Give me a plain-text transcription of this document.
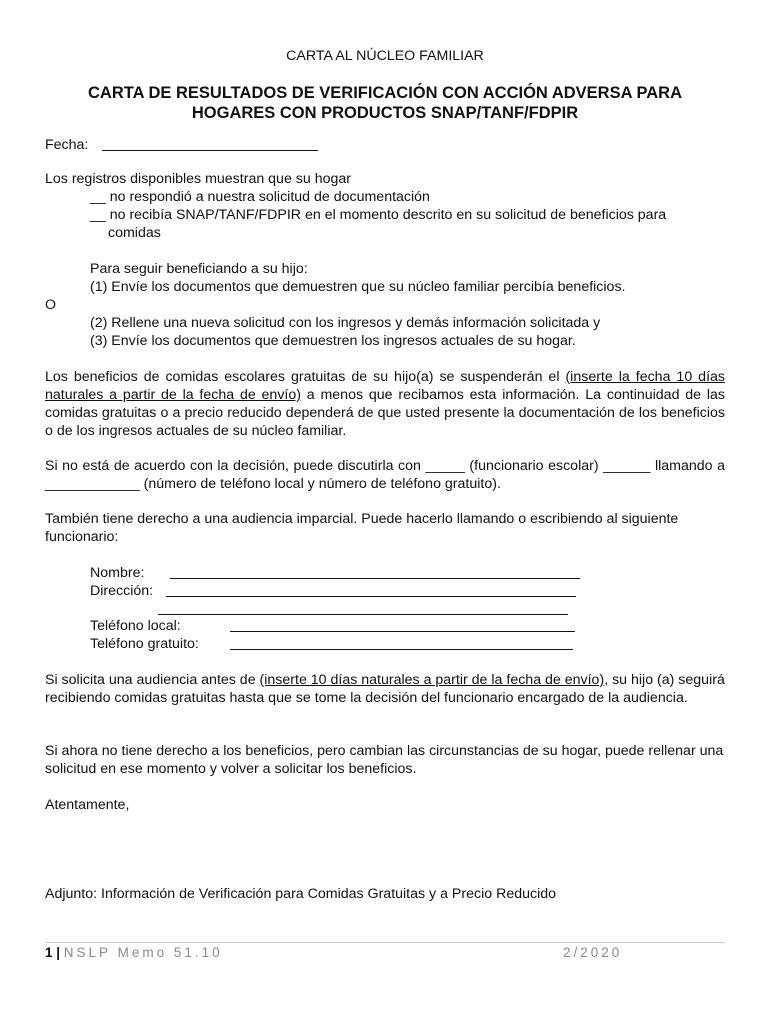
CARTA AL NÚCLEO FAMILIAR
CARTA DE RESULTADOS DE VERIFICACIÓN CON ACCIÓN ADVERSA PARA
HOGARES CON PRODUCTOS SNAP/TANF/FDPIR
Fecha:
Los registros disponibles muestran que su hogar
__ no respondió a nuestra solicitud de documentación
__ no recibía SNAP/TANF/FDPIR en el momento descrito en su solicitud de beneficios para
comidas
Para seguir beneficiando a su hijo:
(1) Envíe los documentos que demuestren que su núcleo familiar percibía beneficios.
O
(2) Rellene una nueva solicitud con los ingresos y demás información solicitada y
(3) Envíe los documentos que demuestren los ingresos actuales de su hogar.
Los beneficios de comidas escolares gratuitas de su hijo(a) se suspenderán el (inserte la fecha 10 días naturales a partir de la fecha de envío) a menos que recibamos esta información. La continuidad de las comidas gratuitas o a precio reducido dependerá de que usted presente la documentación de los beneficios o de los ingresos actuales de su núcleo familiar.
Si no está de acuerdo con la decisión, puede discutirla con _____ (funcionario escolar) ______ llamando a ____________ (número de teléfono local y número de teléfono gratuito).
También tiene derecho a una audiencia imparcial. Puede hacerlo llamando o escribiendo al siguiente funcionario:
Nombre:
Dirección:
Teléfono local:
Teléfono gratuito:
Si solicita una audiencia antes de (inserte 10 días naturales a partir de la fecha de envío), su hijo (a) seguirá recibiendo comidas gratuitas hasta que se tome la decisión del funcionario encargado de la audiencia.
Si ahora no tiene derecho a los beneficios, pero cambian las circunstancias de su hogar, puede rellenar una solicitud en ese momento y volver a solicitar los beneficios.
Atentamente,
Adjunto: Información de Verificación para Comidas Gratuitas y a Precio Reducido
1 | NSLP Memo 51.10	2/2020
